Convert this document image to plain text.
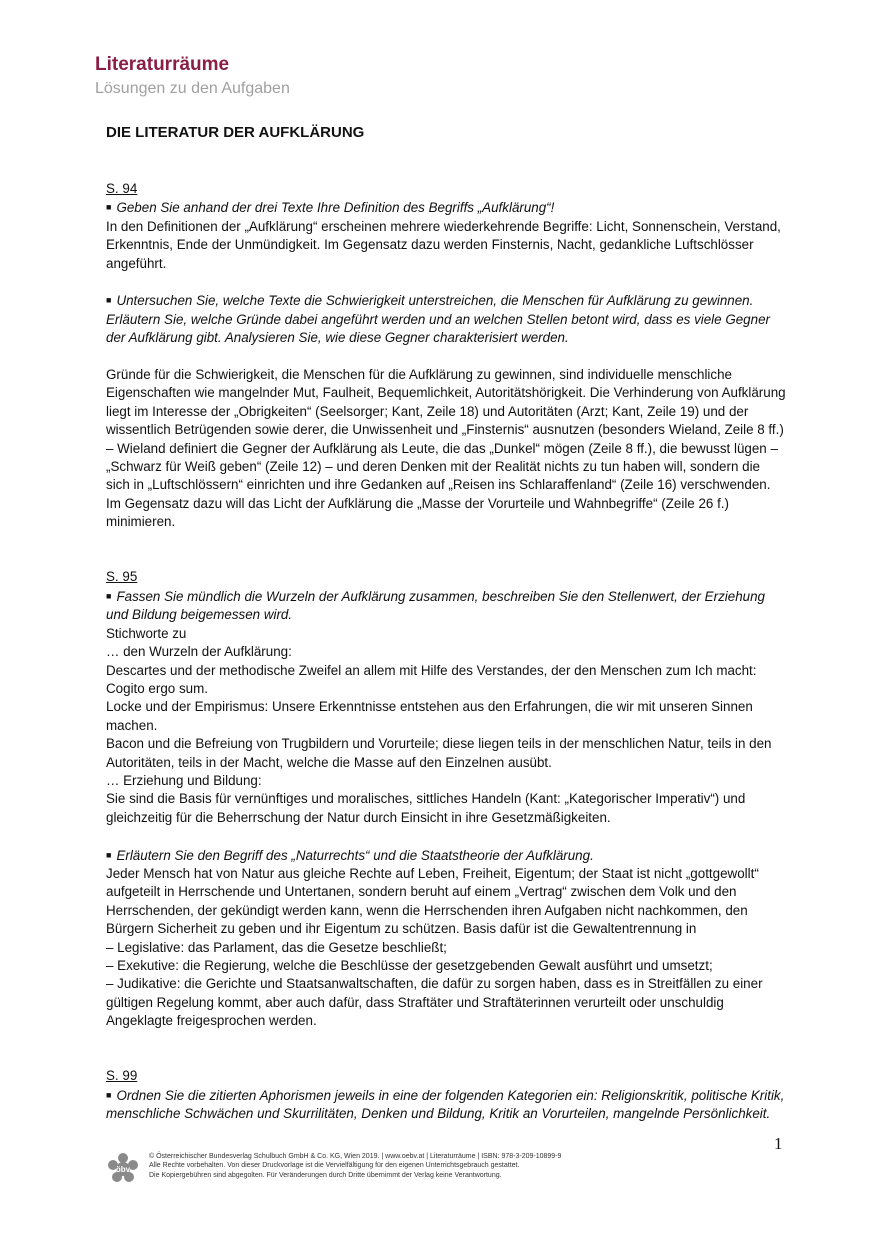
Literaturräume
Lösungen zu den Aufgaben
DIE LITERATUR DER AUFKLÄRUNG

S. 94

■ Geben Sie anhand der drei Texte Ihre Definition des Begriffs „Aufklärung“!

In den Definitionen der „Aufklärung“ erscheinen mehrere wiederkehrende Begriffe: Licht, Sonnenschein, Verstand, Erkenntnis, Ende der Unmündigkeit. Im Gegensatz dazu werden Finsternis, Nacht, gedankliche Luftschlösser angeführt.

■ Untersuchen Sie, welche Texte die Schwierigkeit unterstreichen, die Menschen für Aufklärung zu gewinnen. Erläutern Sie, welche Gründe dabei angeführt werden und an welchen Stellen betont wird, dass es viele Gegner der Aufklärung gibt. Analysieren Sie, wie diese Gegner charakterisiert werden.

Gründe für die Schwierigkeit, die Menschen für die Aufklärung zu gewinnen, sind individuelle menschliche Eigenschaften wie mangelnder Mut, Faulheit, Bequemlichkeit, Autoritätshörigkeit. Die Verhinderung von Aufklärung liegt im Interesse der „Obrigkeiten“ (Seelsorger; Kant, Zeile 18) und Autoritäten (Arzt; Kant, Zeile 19) und der wissentlich Betrügenden sowie derer, die Unwissenheit und „Finsternis“ ausnutzen (besonders Wieland, Zeile 8 ff.) – Wieland definiert die Gegner der Aufklärung als Leute, die das „Dunkel“ mögen (Zeile 8 ff.), die bewusst lügen – „Schwarz für Weiß geben“ (Zeile 12) – und deren Denken mit der Realität nichts zu tun haben will, sondern die sich in „Luftschlössern“ einrichten und ihre Gedanken auf „Reisen ins Schlaraffenland“ (Zeile 16) verschwenden. Im Gegensatz dazu will das Licht der Aufklärung die „Masse der Vorurteile und Wahnbegriffe“ (Zeile 26 f.) minimieren.

S. 95

■ Fassen Sie mündlich die Wurzeln der Aufklärung zusammen, beschreiben Sie den Stellenwert, der Erziehung und Bildung beigemessen wird.

Stichworte zu

… den Wurzeln der Aufklärung:

Descartes und der methodische Zweifel an allem mit Hilfe des Verstandes, der den Menschen zum Ich macht: Cogito ergo sum.

Locke und der Empirismus: Unsere Erkenntnisse entstehen aus den Erfahrungen, die wir mit unseren Sinnen machen.

Bacon und die Befreiung von Trugbildern und Vorurteile; diese liegen teils in der menschlichen Natur, teils in den Autoritäten, teils in der Macht, welche die Masse auf den Einzelnen ausübt.

… Erziehung und Bildung:

Sie sind die Basis für vernünftiges und moralisches, sittliches Handeln (Kant: „Kategorischer Imperativ“) und gleichzeitig für die Beherrschung der Natur durch Einsicht in ihre Gesetzmäßigkeiten.

■ Erläutern Sie den Begriff des „Naturrechts“ und die Staatstheorie der Aufklärung.

Jeder Mensch hat von Natur aus gleiche Rechte auf Leben, Freiheit, Eigentum; der Staat ist nicht „gottgewollt“ aufgeteilt in Herrschende und Untertanen, sondern beruht auf einem „Vertrag“ zwischen dem Volk und den Herrschenden, der gekündigt werden kann, wenn die Herrschenden ihren Aufgaben nicht nachkommen, den Bürgern Sicherheit zu geben und ihr Eigentum zu schützen. Basis dafür ist die Gewaltentrennung in

– Legislative: das Parlament, das die Gesetze beschließt;

– Exekutive: die Regierung, welche die Beschlüsse der gesetzgebenden Gewalt ausführt und umsetzt;

– Judikative: die Gerichte und Staatsanwaltschaften, die dafür zu sorgen haben, dass es in Streitfällen zu einer gültigen Regelung kommt, aber auch dafür, dass Straftäter und Straftäterinnen verurteilt oder unschuldig Angeklagte freigesprochen werden.

S. 99

■ Ordnen Sie die zitierten Aphorismen jeweils in eine der folgenden Kategorien ein: Religionskritik, politische Kritik, menschliche Schwächen und Skurrilitäten, Denken und Bildung, Kritik an Vorurteilen, mangelnde Persönlichkeit.

1
öbv

© Österreichischer Bundesverlag Schulbuch GmbH & Co. KG, Wien 2019. | www.oebv.at | Literaturräume | ISBN: 978-3-209-10899-9

Alle Rechte vorbehalten. Von dieser Druckvorlage ist die Vervielfältigung für den eigenen Unterrichtsgebrauch gestattet.

Die Kopiergebühren sind abgegolten. Für Veränderungen durch Dritte übernimmt der Verlag keine Verantwortung.
